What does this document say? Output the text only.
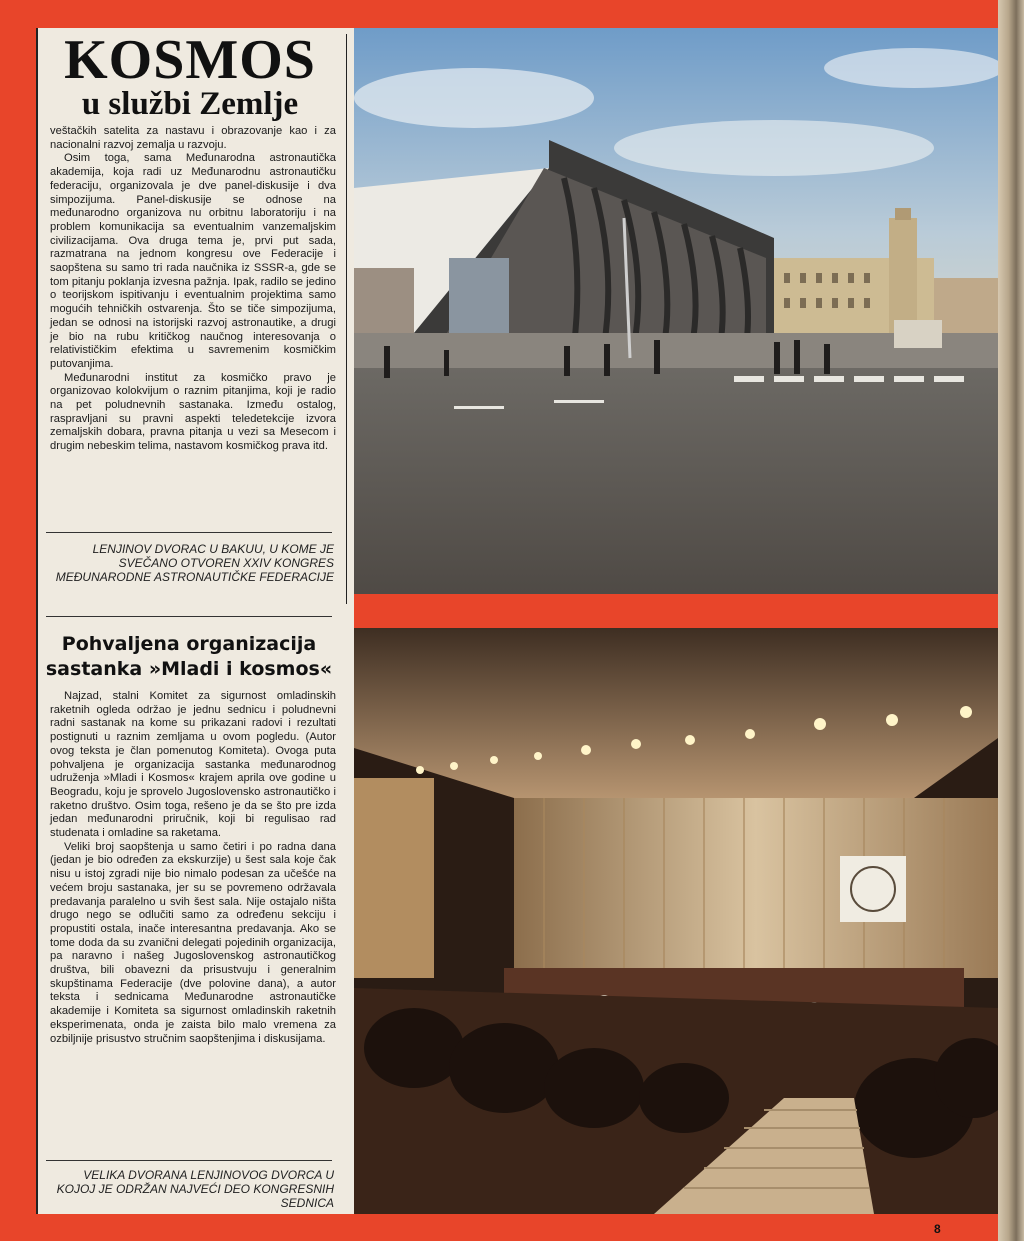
KOSMOS
u službi Zemlje

veštačkih satelita za nastavu i obrazovanje kao i za nacionalni razvoj zemalja u razvoju.

Osim toga, sama Međunarodna astronautička akademija, koja radi uz Međunarodnu astronautičku federaciju, organizovala je dve panel-diskusije i dva simpozijuma. Panel-diskusije se odnose na međunarodno organizova nu orbitnu laboratoriju i na problem komunikacija sa eventualnim vanzemaljskim civilizacijama. Ova druga tema je, prvi put sada, razmatrana na jednom kongresu ove Federacije i saopštena su samo tri rada naučnika iz SSSR-a, gde se tom pitanju poklanja izvesna pažnja. Ipak, radilo se jedino o teorijskom ispitivanju i eventualnim projektima samo mogućih tehničkih ostvarenja. Što se tiče simpozijuma, jedan se odnosi na istorijski razvoj astronautike, a drugi je bio na rubu kritičkog naučnog interesovanja o relativističkim efektima u savremenim kosmičkim putovanjima.

Međunarodni institut za kosmičko pravo je organizovao kolokvijum o raznim pitanjima, koji je radio na pet poludnevnih sastanaka. Između ostalog, raspravljani su pravni aspekti teledetekcije izvora zemaljskih dobara, pravna pitanja u vezi sa Mesecom i drugim nebeskim telima, nastavom kosmičkog prava itd.

LENJINOV DVORAC U BAKUU, U KOME JE SVEČANO OTVOREN XXIV KONGRES MEĐUNARODNE ASTRONAUTIČKE FEDERACIJE

Pohvaljena organizacija
sastanka »Mladi i kosmos«

Najzad, stalni Komitet za sigurnost omladinskih raketnih ogleda održao je jednu sednicu i poludnevni radni sastanak na kome su prikazani radovi i rezultati postignuti u raznim zemljama u ovom pogledu. (Autor ovog teksta je član pomenutog Komiteta). Ovoga puta pohvaljena je organizacija sastanka međunarodnog udruženja »Mladi i Kosmos« krajem aprila ove godine u Beogradu, koju je sprovelo Jugoslovensko astronautičko i raketno društvo. Osim toga, rešeno je da se što pre izda jedan međunarodni priručnik, koji bi regulisao rad studenata i omladine sa raketama.

Veliki broj saopštenja u samo četiri i po radna dana (jedan je bio određen za ekskurzije) u šest sala koje čak nisu u istoj zgradi nije bio nimalo podesan za učešće na većem broju sastanaka, jer su se povremeno održavala predavanja paralelno u svih šest sala. Nije ostajalo ništa drugo nego se odlučiti samo za određenu sekciju i propustiti ostala, inače interesantna predavanja. Ako se tome doda da su zvanični delegati pojedinih organizacija, pa naravno i našeg Jugoslovenskog astronautičkog društva, bili obavezni da prisustvuju i generalnim skupštinama Federacije (dve polovine dana), a autor teksta i sednicama Međunarodne astronautičke akademije i Komiteta sa sigurnost omladinskih raketnih eksperimenata, onda je zaista bilo malo vremena za ozbiljnije prisustvo stručnim saopštenjima i diskusijama.

VELIKA DVORANA LENJINOVOG DVORCA U KOJOJ JE ODRŽAN NAJVEĆI DEO KONGRESNIH SEDNICA

8
